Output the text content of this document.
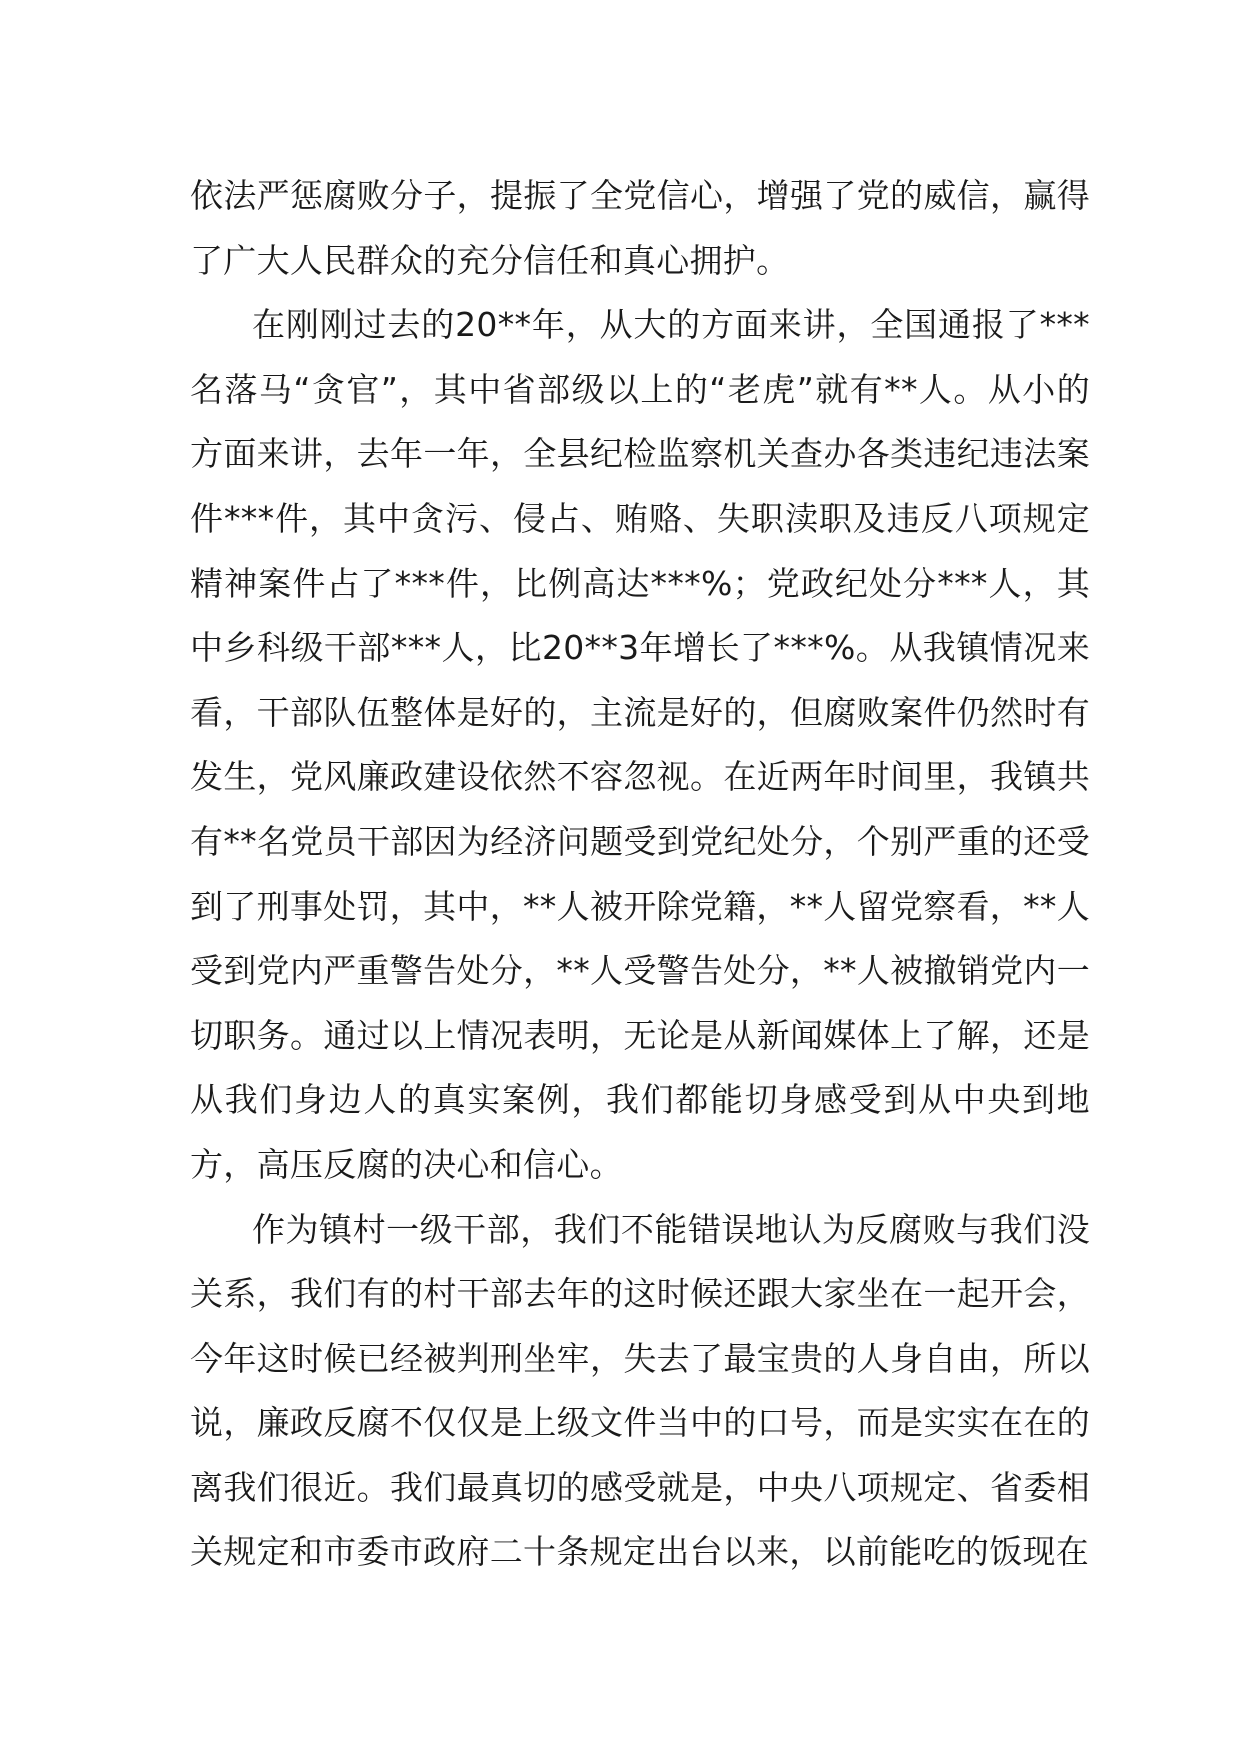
依法严惩腐败分子，提振了全党信心，增强了党的威信，赢得了广大人民群众的充分信任和真心拥护。

在刚刚过去的20**年，从大的方面来讲，全国通报了***名落马“贪官”，其中省部级以上的“老虎”就有**人。从小的方面来讲，去年一年，全县纪检监察机关查办各类违纪违法案件***件，其中贪污、侵占、贿赂、失职渎职及违反八项规定精神案件占了***件，比例高达***%；党政纪处分***人，其中乡科级干部***人，比20**3年增长了***%。从我镇情况来看，干部队伍整体是好的，主流是好的，但腐败案件仍然时有发生，党风廉政建设依然不容忽视。在近两年时间里，我镇共有**名党员干部因为经济问题受到党纪处分，个别严重的还受到了刑事处罚，其中，**人被开除党籍，**人留党察看，**人受到党内严重警告处分，**人受警告处分，**人被撤销党内一切职务。通过以上情况表明，无论是从新闻媒体上了解，还是从我们身边人的真实案例，我们都能切身感受到从中央到地方，高压反腐的决心和信心。

作为镇村一级干部，我们不能错误地认为反腐败与我们没关系，我们有的村干部去年的这时候还跟大家坐在一起开会，今年这时候已经被判刑坐牢，失去了最宝贵的人身自由，所以说，廉政反腐不仅仅是上级文件当中的口号，而是实实在在的离我们很近。我们最真切的感受就是，中央八项规定、省委相关规定和市委市政府二十条规定出台以来，以前能吃的饭现在
